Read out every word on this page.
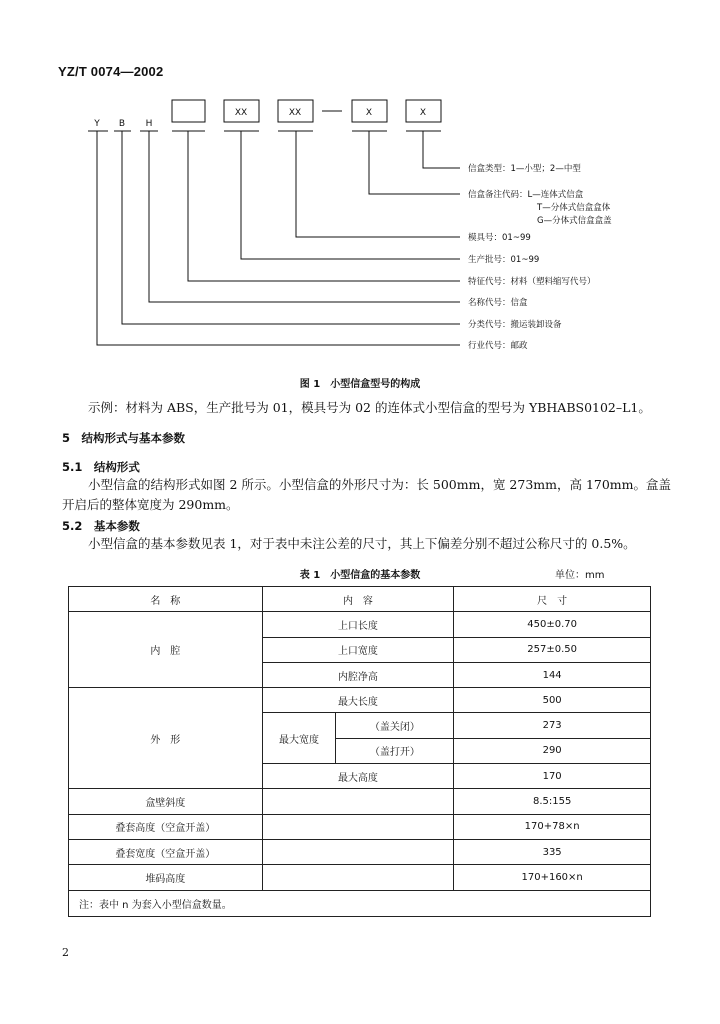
YZ/T 0074—2002
Y B H
XX	XX	X	X
信盒类型：1—小型；2—中型
信盒备注代码：L—连体式信盒
T—分体式信盒盒体
G—分体式信盒盒盖
模具号：01~99
生产批号：01~99
特征代号：材料（塑料缩写代号）
名称代号：信盒
分类代号：搬运装卸设备
行业代号：邮政
图 1　小型信盒型号的构成
示例：材料为 ABS，生产批号为 01，模具号为 02 的连体式小型信盒的型号为 YBHABS0102–L1。
5　结构形式与基本参数
5.1　结构形式
小型信盒的结构形式如图 2 所示。小型信盒的外形尺寸为：长 500mm，宽 273mm，高 170mm。盒盖
开启后的整体宽度为 290mm。
5.2　基本参数
小型信盒的基本参数见表 1，对于表中未注公差的尺寸，其上下偏差分别不超过公称尺寸的 0.5%。
表 1　小型信盒的基本参数	单位：mm
名　称	内　容		尺　寸
内　腔	上口长度		450±0.70
	上口宽度		257±0.50
	内腔净高		144
外　形	最大长度		500
	最大宽度	（盖关闭）	273
		（盖打开）	290
	最大高度		170
盒壁斜度			8.5:155
叠套高度（空盒开盖）			170+78×n
叠套宽度（空盒开盖）			335
堆码高度			170+160×n
注：表中 n 为套入小型信盒数量。			
2
